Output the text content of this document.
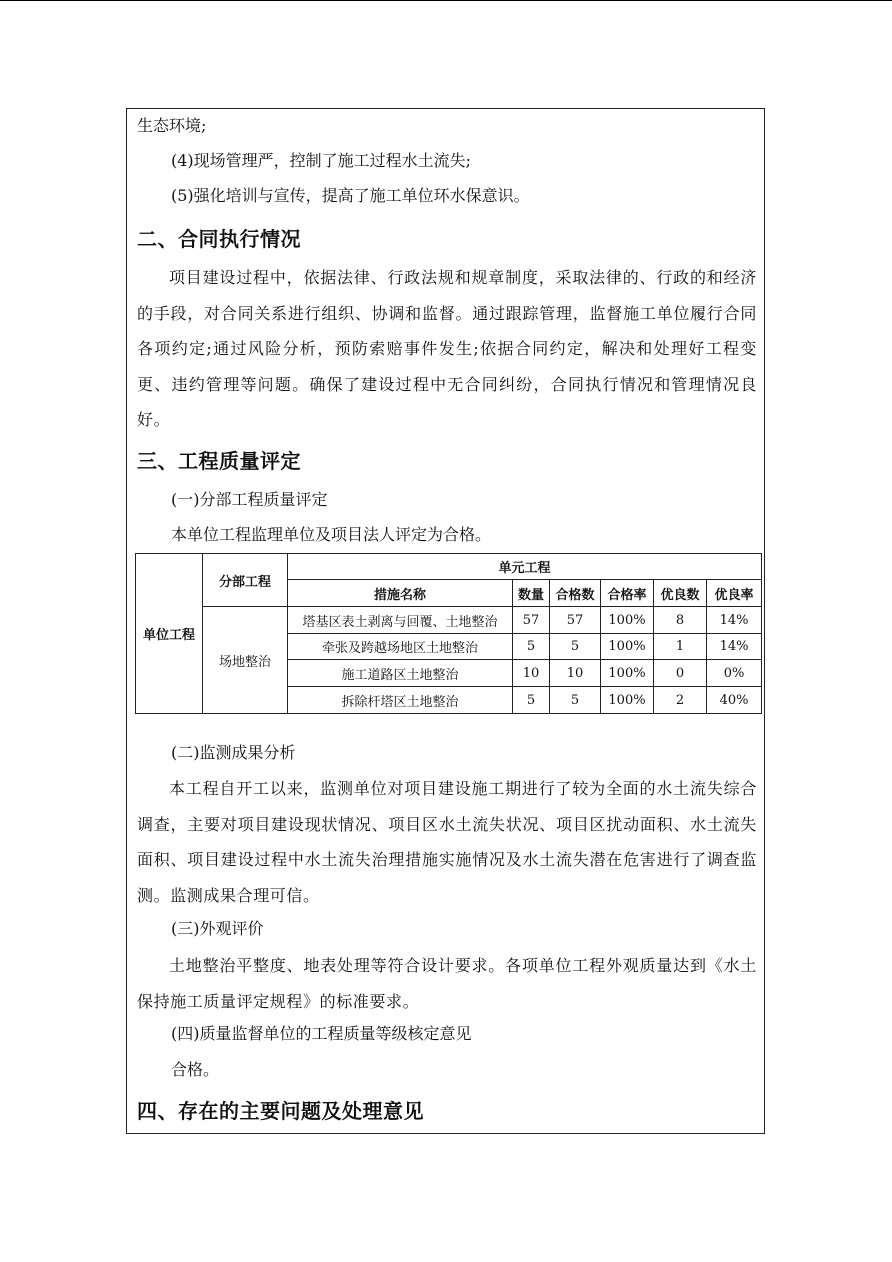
生态环境;
(4)现场管理严，控制了施工过程水土流失;
(5)强化培训与宣传，提高了施工单位环水保意识。
二、合同执行情况
项目建设过程中，依据法律、行政法规和规章制度，采取法律的、行政的和经济的手段，对合同关系进行组织、协调和监督。通过跟踪管理，监督施工单位履行合同各项约定;通过风险分析，预防索赔事件发生;依据合同约定，解决和处理好工程变更、违约管理等问题。确保了建设过程中无合同纠纷，合同执行情况和管理情况良好。
三、工程质量评定
(一)分部工程质量评定
本单位工程监理单位及项目法人评定为合格。
单位工程	分部工程	单元工程					
		措施名称	数量	合格数	合格率	优良数	优良率
	场地整治	塔基区表土剥离与回覆、土地整治	57	57	100%	8	14%
		牵张及跨越场地区土地整治	5	5	100%	1	14%
		施工道路区土地整治	10	10	100%	0	0%
		拆除杆塔区土地整治	5	5	100%	2	40%
(二)监测成果分析
本工程自开工以来，监测单位对项目建设施工期进行了较为全面的水土流失综合调查，主要对项目建设现状情况、项目区水土流失状况、项目区扰动面积、水土流失面积、项目建设过程中水土流失治理措施实施情况及水土流失潜在危害进行了调查监测。监测成果合理可信。
(三)外观评价
土地整治平整度、地表处理等符合设计要求。各项单位工程外观质量达到《水土保持施工质量评定规程》的标准要求。
(四)质量监督单位的工程质量等级核定意见
合格。
四、存在的主要问题及处理意见
